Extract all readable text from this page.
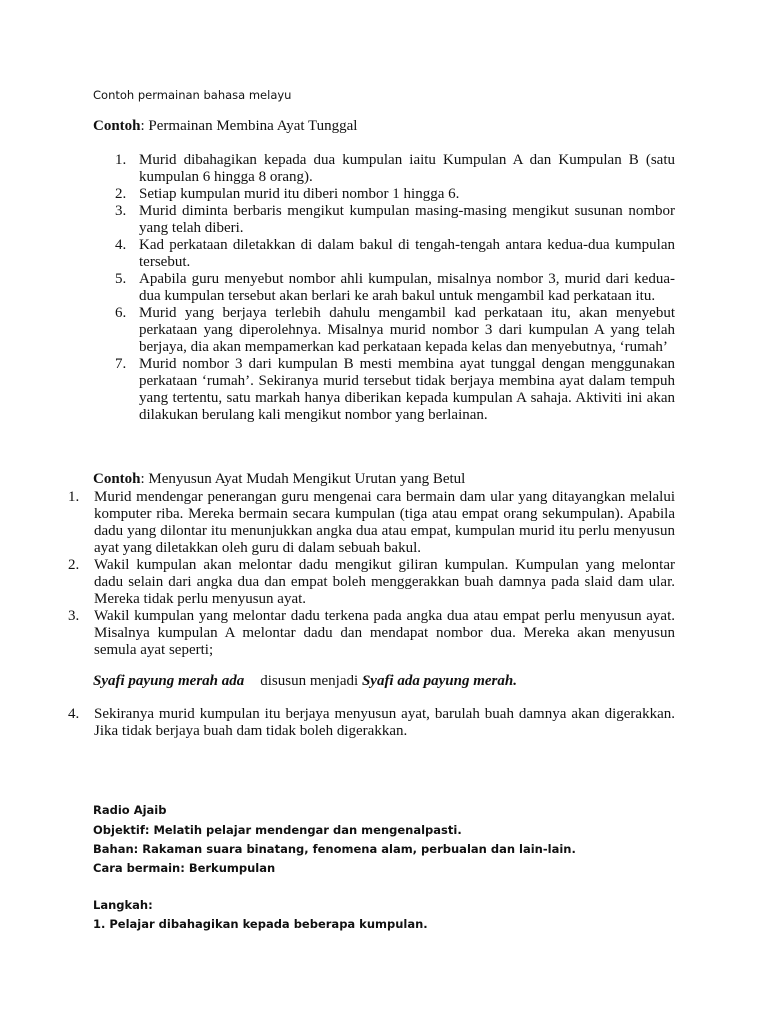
Contoh permainan bahasa melayu
Contoh: Permainan Membina Ayat Tunggal
1. Murid dibahagikan kepada dua kumpulan iaitu Kumpulan A dan Kumpulan B (satu kumpulan 6 hingga 8 orang).
2. Setiap kumpulan murid itu diberi nombor 1 hingga 6.
3. Murid diminta berbaris mengikut kumpulan masing-masing mengikut susunan nombor yang telah diberi.
4. Kad perkataan diletakkan di dalam bakul di tengah-tengah antara kedua-dua kumpulan tersebut.
5. Apabila guru menyebut nombor ahli kumpulan, misalnya nombor 3, murid dari kedua-dua kumpulan tersebut akan berlari ke arah bakul untuk mengambil kad perkataan itu.
6. Murid yang berjaya terlebih dahulu mengambil kad perkataan itu, akan menyebut perkataan yang diperolehnya. Misalnya murid nombor 3 dari kumpulan A yang telah berjaya, dia akan mempamerkan kad perkataan kepada kelas dan menyebutnya, ‘rumah’
7. Murid nombor 3 dari kumpulan B mesti membina ayat tunggal dengan menggunakan perkataan ‘rumah’. Sekiranya murid tersebut tidak berjaya membina ayat dalam tempuh yang tertentu, satu markah hanya diberikan kepada kumpulan A sahaja. Aktiviti ini akan dilakukan berulang kali mengikut nombor yang berlainan.
Contoh: Menyusun Ayat Mudah Mengikut Urutan yang Betul
1. Murid mendengar penerangan guru mengenai cara bermain dam ular yang ditayangkan melalui komputer riba. Mereka bermain secara kumpulan (tiga atau empat orang sekumpulan). Apabila dadu yang dilontar itu menunjukkan angka dua atau empat, kumpulan murid itu perlu menyusun ayat yang diletakkan oleh guru di dalam sebuah bakul.
2. Wakil kumpulan akan melontar dadu mengikut giliran kumpulan. Kumpulan yang melontar dadu selain dari angka dua dan empat boleh menggerakkan buah damnya pada slaid dam ular. Mereka tidak perlu menyusun ayat.
3. Wakil kumpulan yang melontar dadu terkena pada angka dua atau empat perlu menyusun ayat. Misalnya kumpulan A melontar dadu dan mendapat nombor dua. Mereka akan menyusun semula ayat seperti;
Syafi payung merah ada disusun menjadi Syafi ada payung merah.
4. Sekiranya murid kumpulan itu berjaya menyusun ayat, barulah buah damnya akan digerakkan. Jika tidak berjaya buah dam tidak boleh digerakkan.
Radio Ajaib
Objektif: Melatih pelajar mendengar dan mengenalpasti.
Bahan: Rakaman suara binatang, fenomena alam, perbualan dan lain-lain.
Cara bermain: Berkumpulan
Langkah:
1. Pelajar dibahagikan kepada beberapa kumpulan.
